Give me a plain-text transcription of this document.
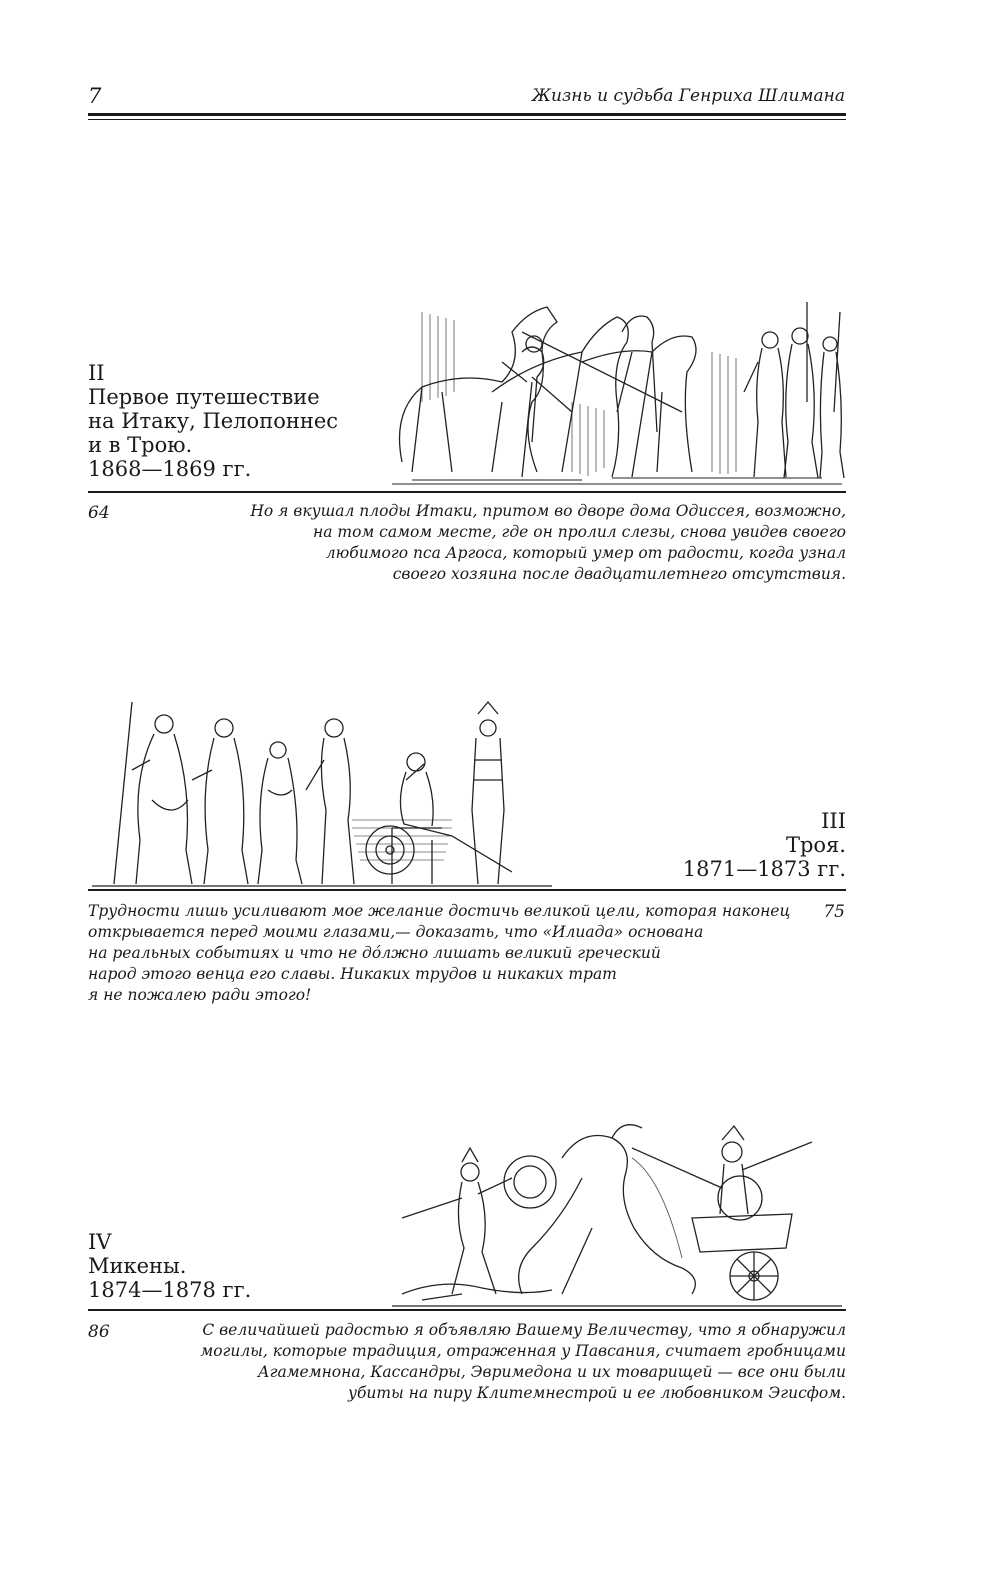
7	Жизнь и судьба Генриха Шлимана
II
Первое путешествие
на Итаку, Пелопоннес
и в Трою.
1868—1869 гг.
64	Но я вкушал плоды Итаки, притом во дворе дома Одиссея, возможно,
на том самом месте, где он пролил слезы, снова увидев своего
любимого пса Аргоса, который умер от радости, когда узнал
своего хозяина после двадцатилетнего отсутствия.
III
Троя.
1871—1873 гг.
75
Трудности лишь усиливают мое желание достичь великой цели, которая наконец
открывается перед моими глазами,— доказать, что «Илиада» основана
на реальных событиях и что не дóлжно лишать великий греческий
народ этого венца его славы. Никаких трудов и никаких трат
я не пожалею ради этого!
IV
Микены.
1874—1878 гг.
86	С величайшей радостью я объявляю Вашему Величеству, что я обнаружил
могилы, которые традиция, отраженная у Павсания, считает гробницами
Агамемнона, Кассандры, Эвримедона и их товарищей — все они были
убиты на пиру Клитемнестрой и ее любовником Эгисфом.
